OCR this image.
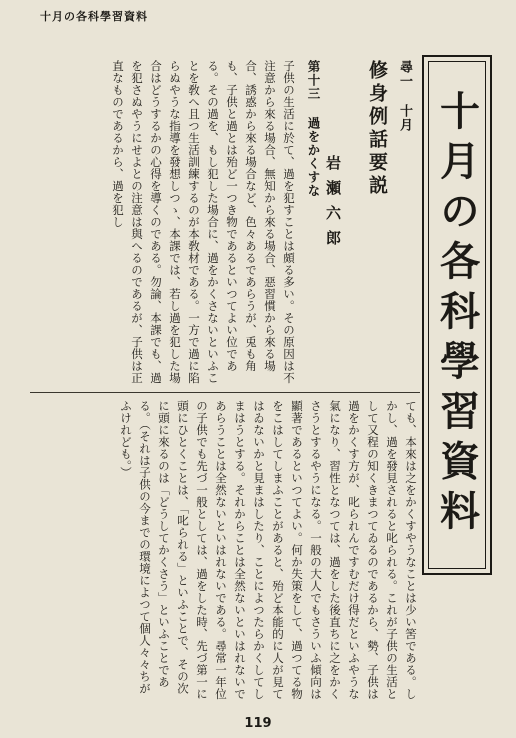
十月の各科學習資料
十月の各科學習資料
尋一 十月
修身例話要説
岩瀬六郎
第十三 過をかくすな
子供の生活に於て、過を犯すことは頗る多い。その原因は不注意から來る場合、無知から來る場合、惡習慣から來る場合、誘惑から來る場合など、色々あるであらうが、兎も角も、子供と過とは殆ど一つき物であるといつてよい位である。その過を、もし犯した場合に、過をかくさないといふことを敎へ且つ生活訓練するのが本敎材である。一方で過に陷らぬやうな指導を發想しつゝ、本課では、若し過を犯した場合はどうするかの心得を導くのである。勿論、本課でも、過を犯さぬやうにせよとの注意は與へるのであるが、子供は正直なものであるから、過を犯し
ても、本來は之をかくすやうなことは少い筈である。しかし、過を發見されると叱られる。これが子供の生活として又程の知くきまつてゐるのであるから、勢、子供は過をかくす方が、叱られんですむだけ得だといふやうな氣になり、習性となつては、過をした後直ちに之をかくさうとするやうになる。一般の大人でもさういふ傾向は顯著であるといつてよい。何か失策をして、過つてる物をこはしてしまふことがあると、殆ど本能的に人が見てはゐないかと見まはしたり、ことによつたらかくしてしまはうとする。それからことは全然ないといはれないであらうことは全然ないといはれないである。尋常一年位の子供でも先づ一般としては、過をした時、先づ第一に頭にひとくことは、「叱られる」といふことで、その次に頭に來るのは「どうしてかくさう」といふことである。（それは子供の今までの環境によつて個人々々ちがふけれども。）
119
